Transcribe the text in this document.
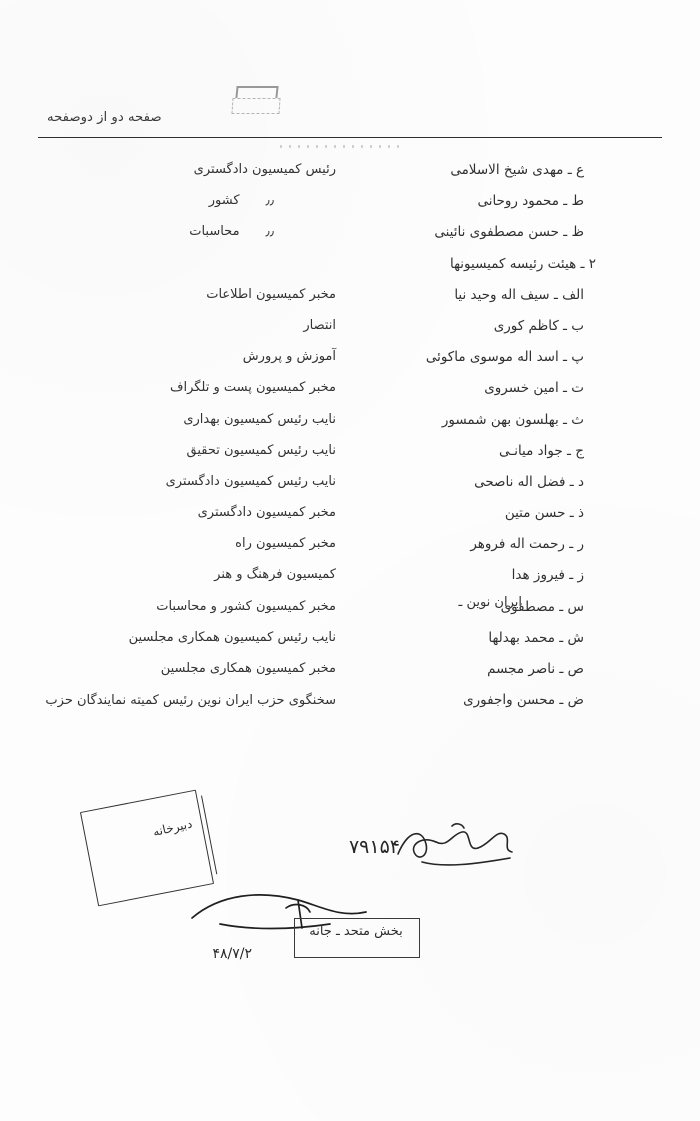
صفحه دو از دوصفحه
ع ـ مهدی شیخ الاسلامی
رئیس کمیسیون دادگستری
ط ـ محمود روحانی
٫٫کشور
ظ ـ حسن مصطفوی نائینی
٫٫محاسبات
۲ ـ هیئت رئیسه کمیسیونها
الف ـ سیف اله وحید نیا
مخبر کمیسیون اطلاعات
ب ـ کاظم کوری
انتصار
پ ـ اسد اله موسوی ماکوئی
آموزش و پرورش
ت ـ امین خسروی
مخبر کمیسیون پست و تلگراف
ث ـ بهلسون بهن شمسور
نایب رئیس کمیسیون بهداری
ج ـ جواد میانـی
نایب رئیس کمیسیون تحقیق
د ـ فضل اله ناصحی
نایب رئیس کمیسیون دادگستری
ذ ـ حسن متین
مخبر کمیسیون دادگستری
ر ـ رحمت اله فروهر
مخبر کمیسیون راه
ز ـ فیروز هدا
کمیسیون فرهنگ و هنر
س ـ مصطفوی
مخبر کمیسیون کشور و محاسبات
ش ـ محمد بهدلها
نایب رئیس کمیسیون همکاری مجلسین
ص ـ ناصر مجسم
مخبر کمیسیون همکاری مجلسین
ض ـ محسن واجفوری
سخنگوی حزب ایران نوین رئیس کمیته نمایندگان حزب
ایران نوین ـ
۷۹۱۵۴
بخش متحد ـ جانه
۴۸/۷/۲
دبیرخانه
